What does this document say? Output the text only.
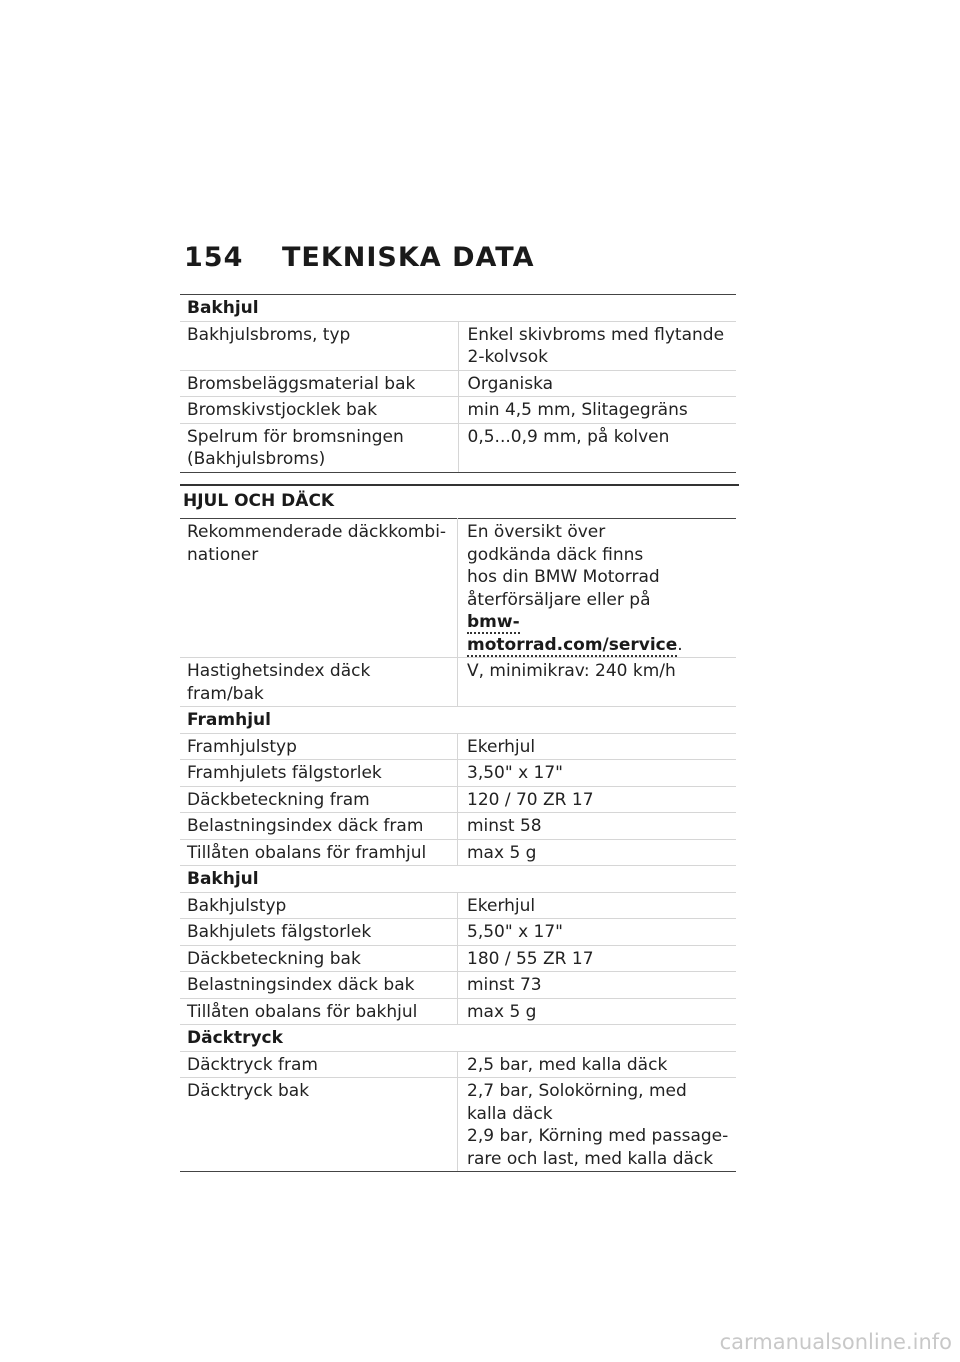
154 TEKNISKA DATA
Bakhjul	
Bakhjulsbroms, typ	Enkel skivbroms med flytande 2-kolvsok
Bromsbeläggsmaterial bak	Organiska
Bromskivstjocklek bak	min 4,5 mm, Slitagegräns
Spelrum för bromsningen (Bakhjulsbroms)	0,5...0,9 mm, på kolven
HJUL OCH DÄCK
Rekommenderade däckkombi-nationer	En översikt över
godkända däck finns
hos din BMW Motorrad
återförsäljare eller på
bmw-motorrad.com/service.

Hastighetsindex däck fram/bak	V, minimikrav: 240 km/h
Framhjul	
Framhjulstyp	Ekerhjul
Framhjulets fälgstorlek	3,50" x 17"
Däckbeteckning fram	120 / 70 ZR 17
Belastningsindex däck fram	minst 58
Tillåten obalans för framhjul	max 5 g
Bakhjul	
Bakhjulstyp	Ekerhjul
Bakhjulets fälgstorlek	5,50" x 17"
Däckbeteckning bak	180 / 55 ZR 17
Belastningsindex däck bak	minst 73
Tillåten obalans för bakhjul	max 5 g
Däcktryck	
Däcktryck fram	2,5 bar, med kalla däck
Däcktryck bak	2,7 bar, Solokörning, med kalla däck
2,9 bar, Körning med passage-rare och last, med kalla däck
carmanualsonline.info
